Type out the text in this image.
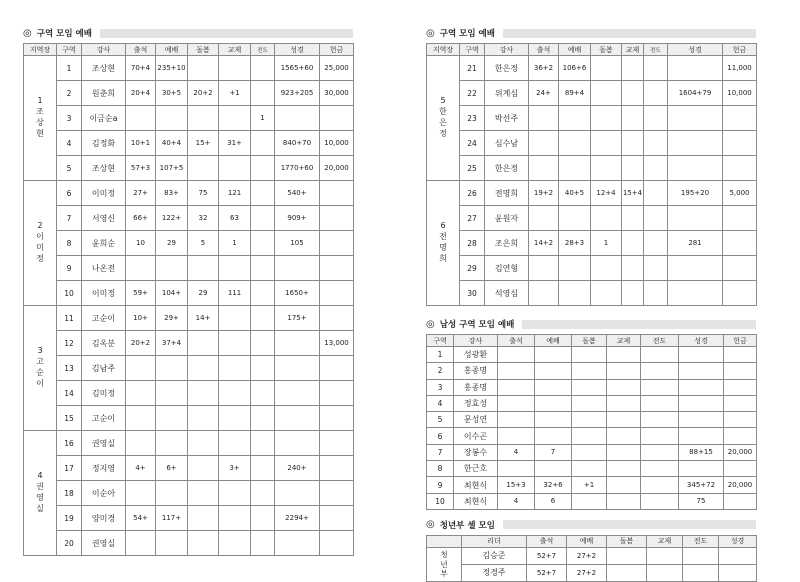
◎ 구역 모임 예배
지역장	구역	강사	출석	예배	돌봄	교제	전도	성경	헌금

1
조
상
현	1	조상현	70+4	235+10				1565+60	25,000
	2	원춘희	20+4	30+5	20+2	+1		923+205	30,000
	3	이금순a					1		
	4	김정화	10+1	40+4	15+	31+		840+70	10,000
	5	조상현	57+3	107+5				1770+60	20,000

2
이
미
정	6	이미정	27+	83+	75	121		540+	
	7	서영신	66+	122+	32	63		909+	
	8	윤희순	10	29	5	1		105	
	9	나온전							
	10	이미정	59+	104+	29	111		1650+	

3
고
순
이	11	고순이	10+	29+	14+			175+	
	12	김옥분	20+2	37+4					13,000
	13	김남주							
	14	김미정							
	15	고순이							

4
권
영
실	16	권영실							
	17	정지영	4+	6+		3+		240+	
	18	이순아							
	19	양미경	54+	117+				2294+	
	20	권영실							
◎ 구역 모임 예배
지역장	구역	강사	출석	예배	돌봄	교제	전도	성경	헌금

5
한
은
정	21	한은정	36+2	106+6					11,000
	22	위계심	24+	89+4				1604+79	10,000
	23	박선주							
	24	심수남							
	25	한은정							

6
전
명
희	26	전명희	19+2	40+5	12+4	15+4		195+20	5,000
	27	윤원자							
	28	조은희	14+2	28+3	1			281	
	29	김연형							
	30	석영심							
◎ 남성 구역 모임 예배
구역	강사	출석	예배	돌봄	교제	전도	성경	헌금
1	성광환							
2	홍종명							
3	홍종명							
4	정효성							
5	문성연							
6	이수곤							
7	장봉수	4	7				88+15	20,000
8	한근호							
9	최현식	15+3	32+6	+1			345+72	20,000
10	최현식	4	6				75	
◎ 청년부 셀 모임
	리더	출석	예배	돌봄	교제	전도	성경

청
년
부	김승준	52+7	27+2				
	정경주	52+7	27+2				
